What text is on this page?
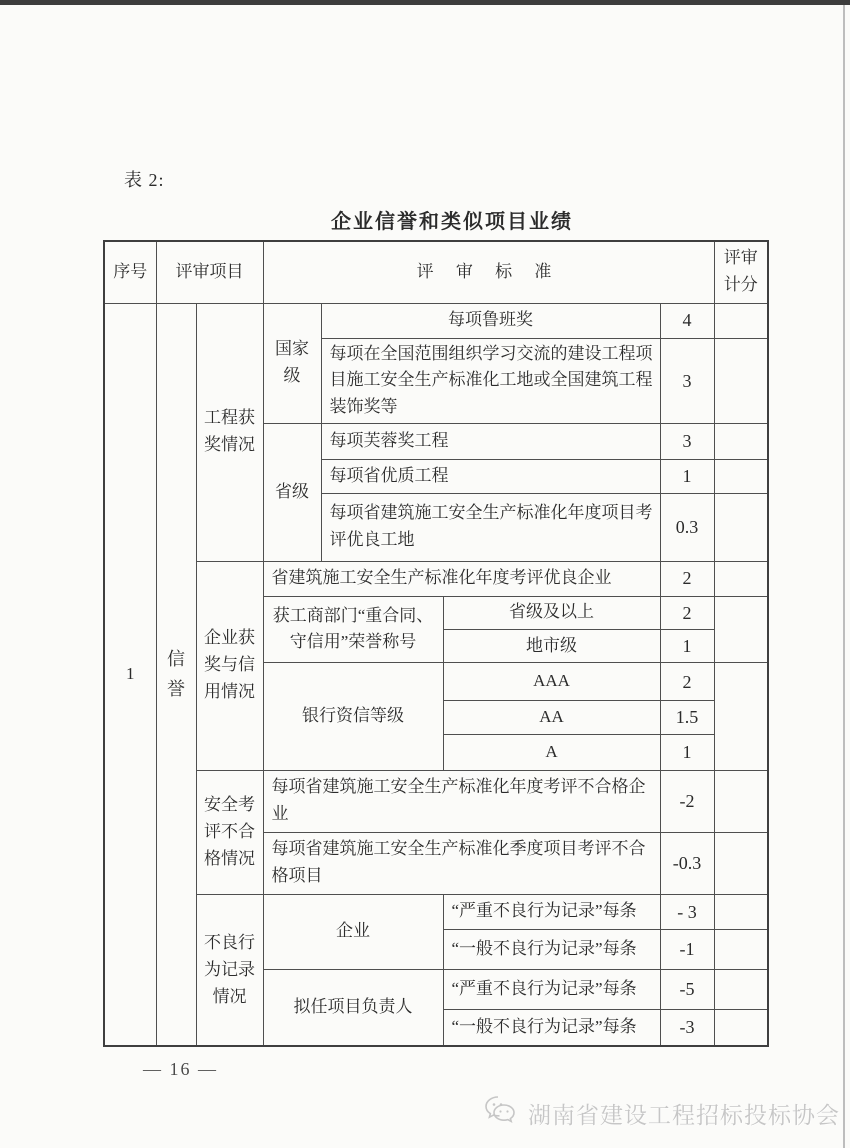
表 2:
企业信誉和类似项目业绩
序号	评审项目		评 审 标 准				评审计分
1	信誉	工程获奖情况	国家级	每项鲁班奖		4	
				每项在全国范围组织学习交流的建设工程项目施工安全生产标准化工地或全国建筑工程装饰奖等		3	
			省级	每项芙蓉奖工程		3	
				每项省优质工程		1	
				每项省建筑施工安全生产标准化年度项目考评优良工地		0.3	
		企业获奖与信用情况	省建筑施工安全生产标准化年度考评优良企业			2	
			获工商部门“重合同、守信用”荣誉称号		省级及以上	2	
					地市级	1	
			银行资信等级		AAA	2	
					AA	1.5	
					A	1	
		安全考评不合格情况	每项省建筑施工安全生产标准化年度考评不合格企业			-2	
			每项省建筑施工安全生产标准化季度项目考评不合格项目			-0.3	
		不良行为记录情况	企业		“严重不良行为记录”每条	- 3	
					“一般不良行为记录”每条	-1	
			拟任项目负责人		“严重不良行为记录”每条	-5	
					“一般不良行为记录”每条	-3	
— 16 —
湖南省建设工程招标投标协会
